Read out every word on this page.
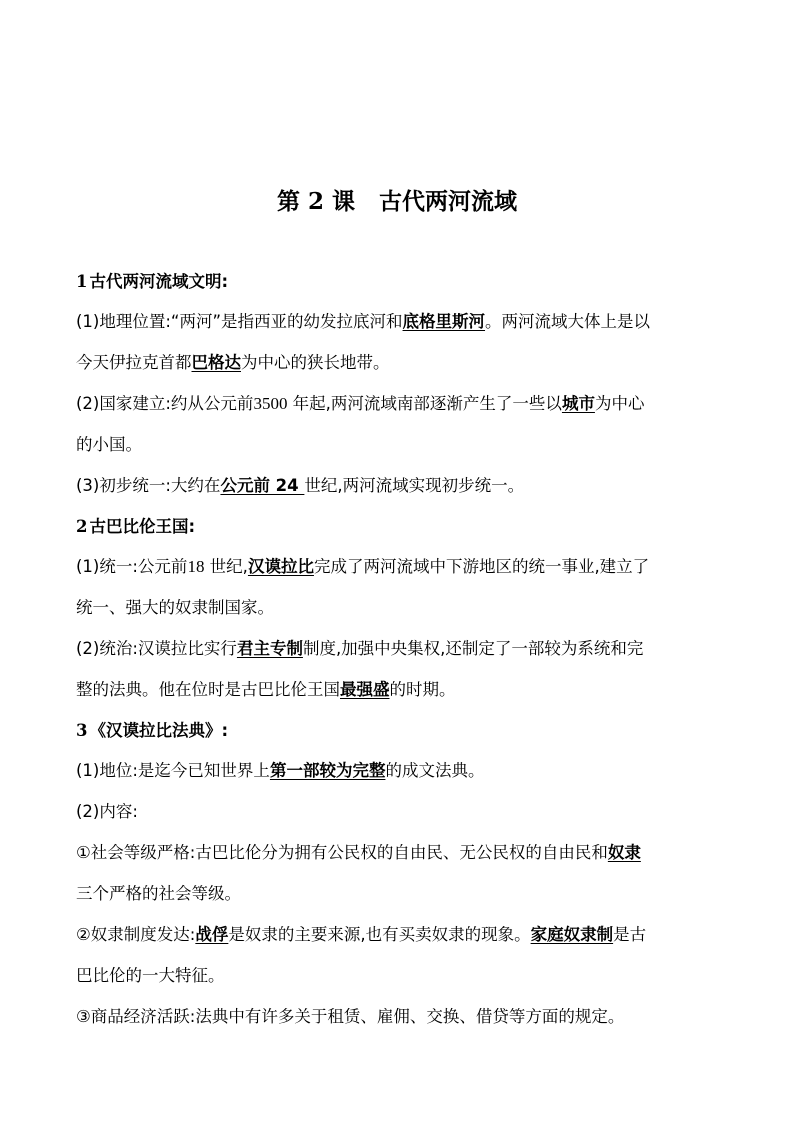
第 2 课 古代两河流域
1 古代两河流域文明:
(1)地理位置:“两河”是指西亚的幼发拉底河和底格里斯河。两河流域大体上是以
今天伊拉克首都巴格达为中心的狭长地带。
(2)国家建立:约从公元前3500 年起,两河流域南部逐渐产生了一些以城市为中心
的小国。
(3)初步统一:大约在公元前 24 世纪,两河流域实现初步统一。
2 古巴比伦王国:
(1)统一:公元前18 世纪,汉谟拉比完成了两河流域中下游地区的统一事业,建立了
统一、强大的奴隶制国家。
(2)统治:汉谟拉比实行君主专制制度,加强中央集权,还制定了一部较为系统和完
整的法典。他在位时是古巴比伦王国最强盛的时期。
3 《汉谟拉比法典》:
(1)地位:是迄今已知世界上第一部较为完整的成文法典。
(2)内容:
①社会等级严格:古巴比伦分为拥有公民权的自由民、无公民权的自由民和奴隶
三个严格的社会等级。
②奴隶制度发达:战俘是奴隶的主要来源,也有买卖奴隶的现象。家庭奴隶制是古
巴比伦的一大特征。
③商品经济活跃:法典中有许多关于租赁、雇佣、交换、借贷等方面的规定。
